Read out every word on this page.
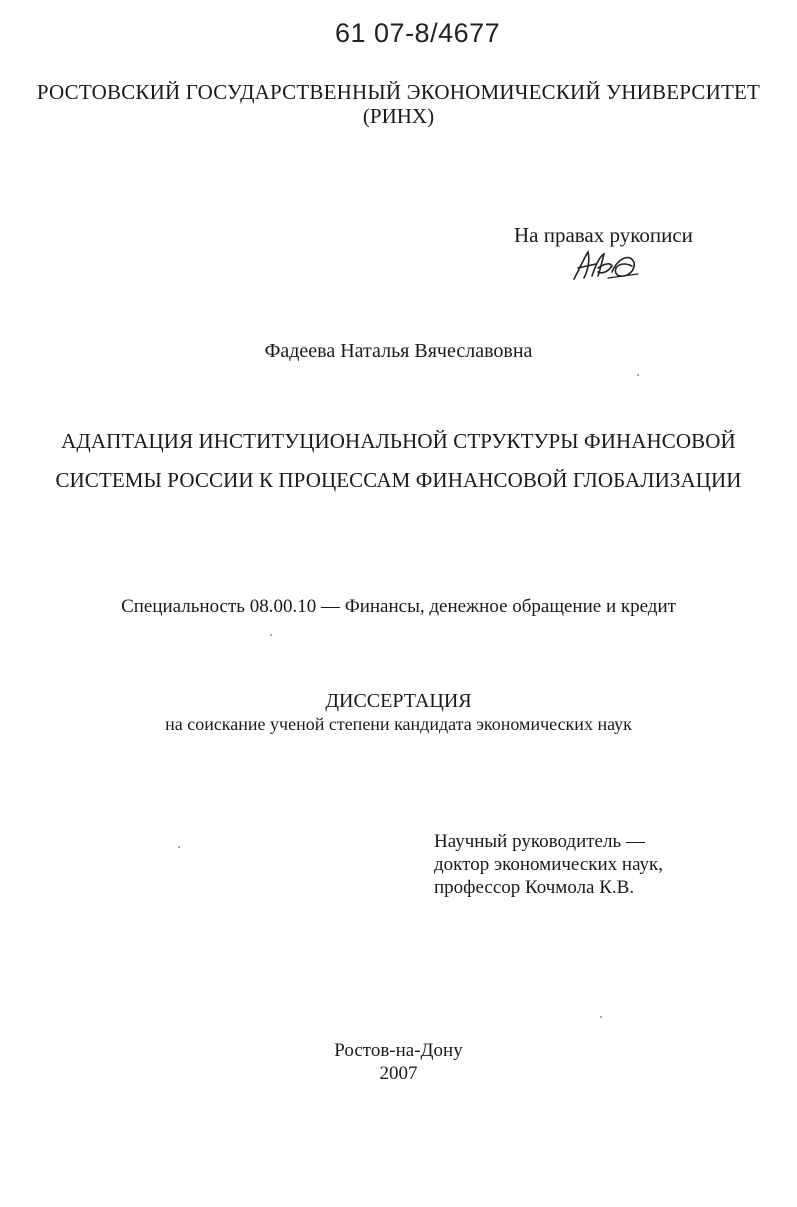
61 07-8/4677
РОСТОВСКИЙ ГОСУДАРСТВЕННЫЙ ЭКОНОМИЧЕСКИЙ УНИВЕРСИТЕТ
(РИНХ)
На правах рукописи
Фадеева Наталья Вячеславовна
АДАПТАЦИЯ ИНСТИТУЦИОНАЛЬНОЙ СТРУКТУРЫ ФИНАНСОВОЙ
СИСТЕМЫ РОССИИ К ПРОЦЕССАМ ФИНАНСОВОЙ ГЛОБАЛИЗАЦИИ
Специальность 08.00.10 — Финансы, денежное обращение и кредит
ДИССЕРТАЦИЯ
на соискание ученой степени кандидата экономических наук
Научный руководитель —
доктор экономических наук,
профессор Кочмола К.В.
Ростов-на-Дону
2007
